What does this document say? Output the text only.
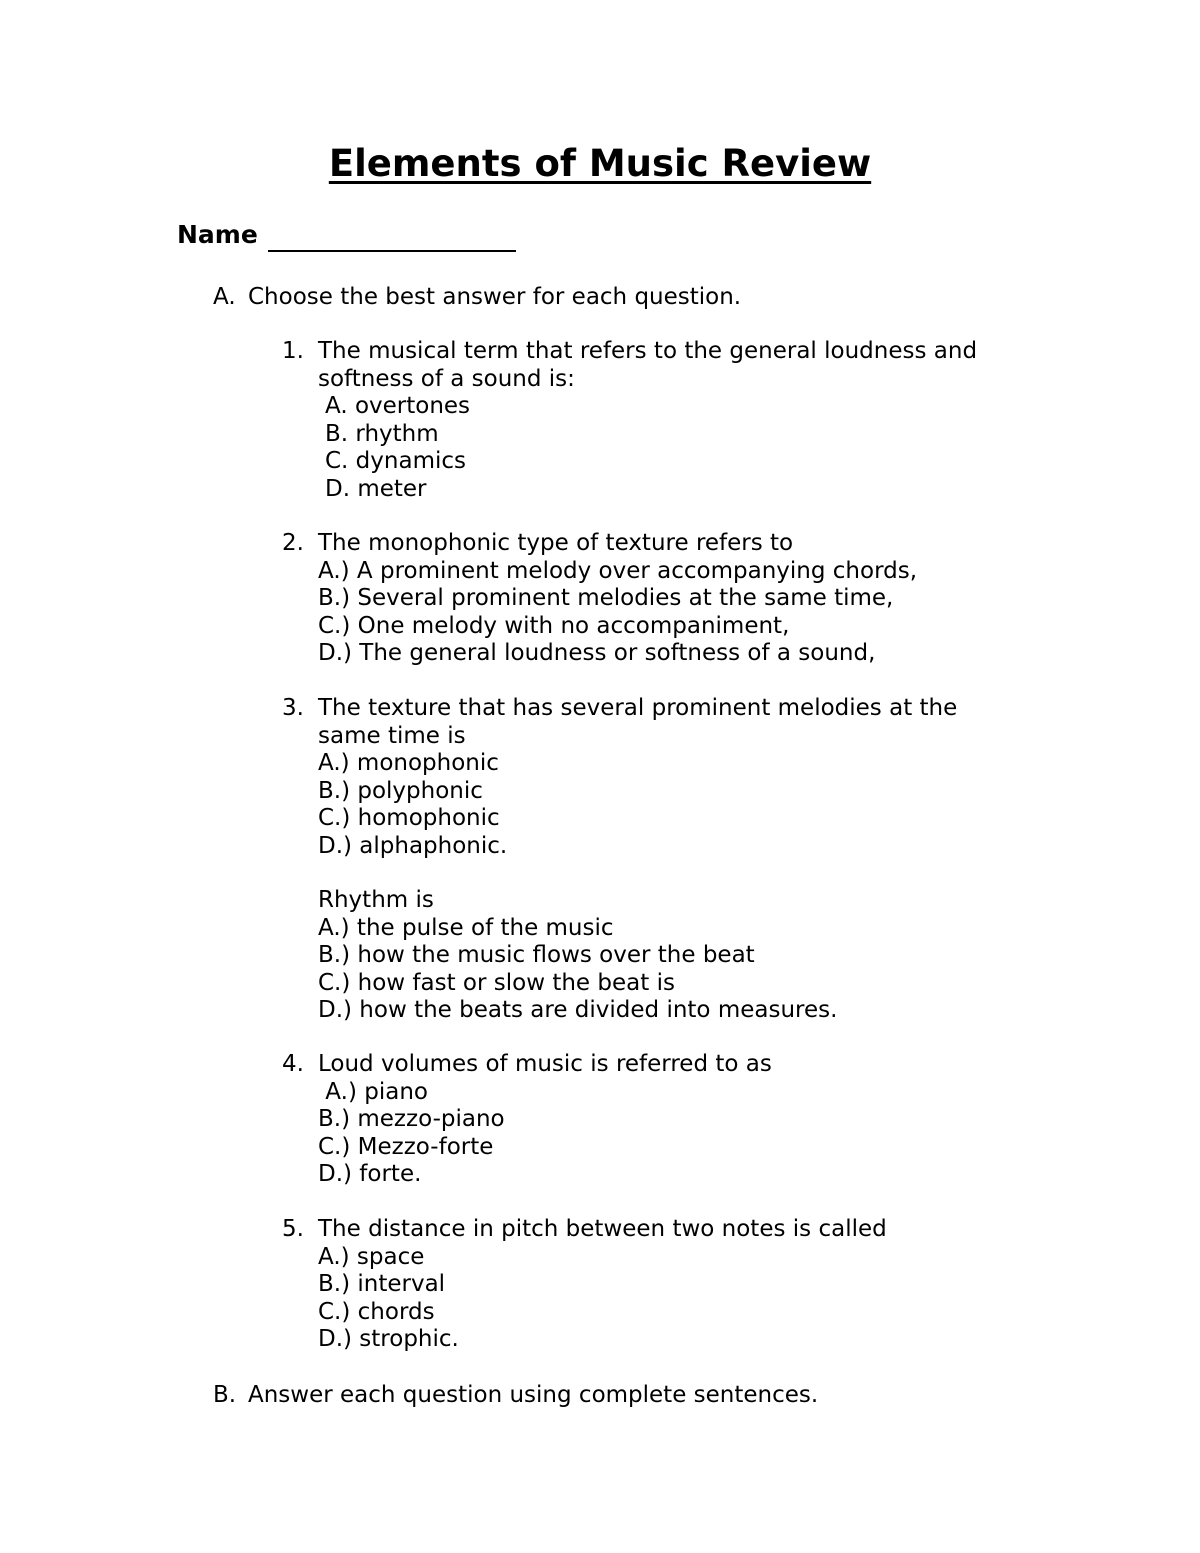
Elements of Music Review
Name
A. Choose the best answer for each question.
1. The musical term that refers to the general loudness and
softness of a sound is:
A. overtones
B. rhythm
C. dynamics
D. meter
2. The monophonic type of texture refers to
A.) A prominent melody over accompanying chords,
B.) Several prominent melodies at the same time,
C.) One melody with no accompaniment,
D.) The general loudness or softness of a sound,
3. The texture that has several prominent melodies at the
same time is
A.) monophonic
B.) polyphonic
C.) homophonic
D.) alphaphonic.
Rhythm is
A.) the pulse of the music
B.) how the music flows over the beat
C.) how fast or slow the beat is
D.) how the beats are divided into measures.
4. Loud volumes of music is referred to as
A.) piano
B.) mezzo-piano
C.) Mezzo-forte
D.) forte.
5. The distance in pitch between two notes is called
A.) space
B.) interval
C.) chords
D.) strophic.
B. Answer each question using complete sentences.
